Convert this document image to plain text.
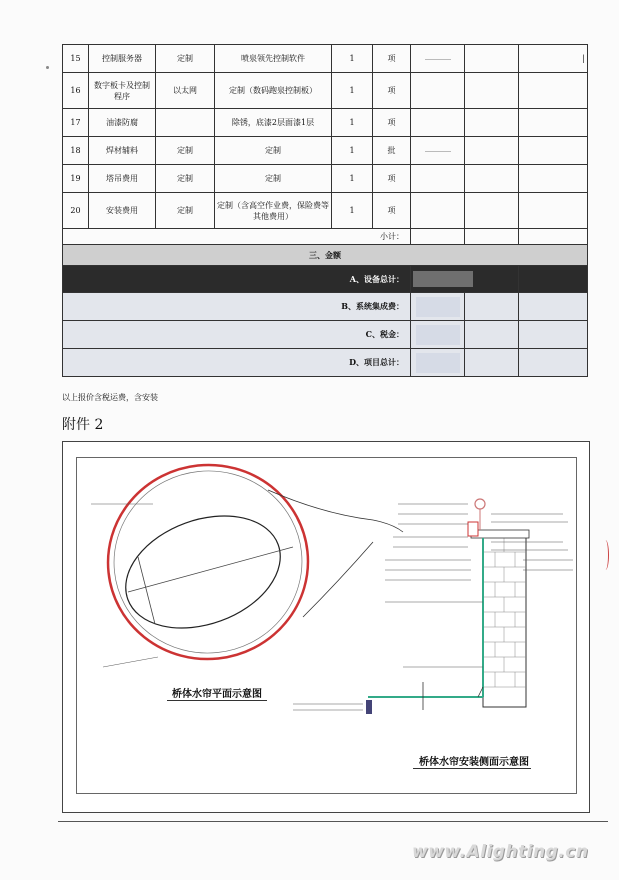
15	控制服务器	定制	喷泉领先控制软件	1	项			|
16	数字板卡及控制程序	以太网	定制（数码跑泉控制板）	1	项			
17	油漆防腐		除锈，底漆2层面漆1层	1	项			
18	焊材辅料	定制	定制	1	批			
19	塔吊费用	定制	定制	1	项			
20	安装费用	定制	定制（含高空作业费，保险费等其他费用）	1	项			
小计：								
三、金额								
A、设备总计：								
B、系统集成费：								
C、税金：								
D、项目总计：								
以上报价含税运费，含安装
附件 2
桥体水帘平面示意图
桥体水帘安装侧面示意图
www.Alighting.cn
